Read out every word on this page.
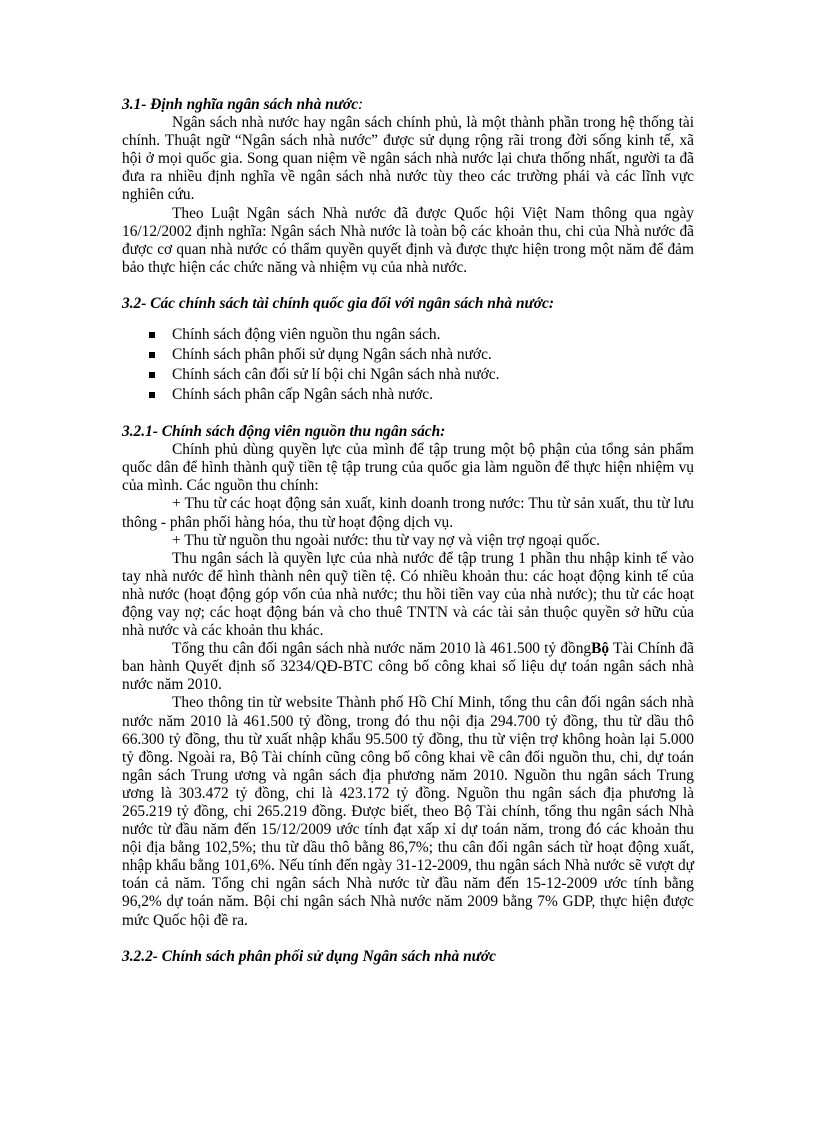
3.1- Định nghĩa ngân sách nhà nước:

Ngân sách nhà nước hay ngân sách chính phủ, là một thành phần trong hệ thống tài chính. Thuật ngữ “Ngân sách nhà nước” được sử dụng rộng rãi trong đời sống kinh tế, xã hội ở mọi quốc gia. Song quan niệm về ngân sách nhà nước lại chưa thống nhất, người ta đã đưa ra nhiều định nghĩa về ngân sách nhà nước tùy theo các trường phái và các lĩnh vực nghiên cứu.

Theo Luật Ngân sách Nhà nước đã được Quốc hội Việt Nam thông qua ngày 16/12/2002 định nghĩa: Ngân sách Nhà nước là toàn bộ các khoản thu, chi của Nhà nước đã được cơ quan nhà nước có thẩm quyền quyết định và được thực hiện trong một năm để đảm bảo thực hiện các chức năng và nhiệm vụ của nhà nước.

3.2- Các chính sách tài chính quốc gia đối với ngân sách nhà nước:
Chính sách động viên nguồn thu ngân sách.
Chính sách phân phối sử dụng Ngân sách nhà nước.
Chính sách cân đối sử lí bội chi Ngân sách nhà nước.
Chính sách phân cấp Ngân sách nhà nước.
3.2.1- Chính sách động viên nguồn thu ngân sách:

Chính phủ dùng quyền lực của mình để tập trung một bộ phận của tổng sản phẩm quốc dân để hình thành quỹ tiền tệ tập trung của quốc gia làm nguồn để thực hiện nhiệm vụ của mình. Các nguồn thu chính:

+ Thu từ các hoạt động sản xuất, kinh doanh trong nước: Thu từ sản xuất, thu từ lưu thông - phân phối hàng hóa, thu từ hoạt động dịch vụ.

+ Thu từ nguồn thu ngoài nước: thu từ vay nợ và viện trợ ngoại quốc.

Thu ngân sách là quyền lực của nhà nước để tập trung 1 phần thu nhập kinh tế vào tay nhà nước để hình thành nên quỹ tiền tệ. Có nhiều khoản thu: các hoạt động kinh tế của nhà nước (hoạt động góp vốn của nhà nước; thu hồi tiền vay của nhà nước); thu từ các hoạt động vay nợ; các hoạt động bán và cho thuê TNTN và các tài sản thuộc quyền sở hữu của nhà nước và các khoản thu khác.

Tổng thu cân đối ngân sách nhà nước năm 2010 là 461.500 tỷ đồngBộ Tài Chính đã ban hành Quyết định số 3234/QĐ-BTC công bố công khai số liệu dự toán ngân sách nhà nước năm 2010.

Theo thông tin từ website Thành phố Hồ Chí Minh, tổng thu cân đối ngân sách nhà nước năm 2010 là 461.500 tỷ đồng, trong đó thu nội địa 294.700 tỷ đồng, thu từ dầu thô 66.300 tỷ đồng, thu từ xuất nhập khẩu 95.500 tỷ đồng, thu từ viện trợ không hoàn lại 5.000 tỷ đồng. Ngoài ra, Bộ Tài chính cũng công bố công khai về cân đối nguồn thu, chi, dự toán ngân sách Trung ương và ngân sách địa phương năm 2010. Nguồn thu ngân sách Trung ương là 303.472 tỷ đồng, chi là 423.172 tỷ đồng. Nguồn thu ngân sách địa phương là 265.219 tỷ đồng, chi 265.219 đồng. Được biết, theo Bộ Tài chính, tổng thu ngân sách Nhà nước từ đầu năm đến 15/12/2009 ước tính đạt xấp xỉ dự toán năm, trong đó các khoản thu nội địa bằng 102,5%; thu từ dầu thô bằng 86,7%; thu cân đối ngân sách từ hoạt động xuất, nhập khẩu bằng 101,6%. Nếu tính đến ngày 31-12-2009, thu ngân sách Nhà nước sẽ vượt dự toán cả năm. Tổng chi ngân sách Nhà nước từ đầu năm đến 15-12-2009 ước tính bằng 96,2% dự toán năm. Bội chi ngân sách Nhà nước năm 2009 bằng 7% GDP, thực hiện được mức Quốc hội đề ra.

3.2.2- Chính sách phân phối sử dụng Ngân sách nhà nước
